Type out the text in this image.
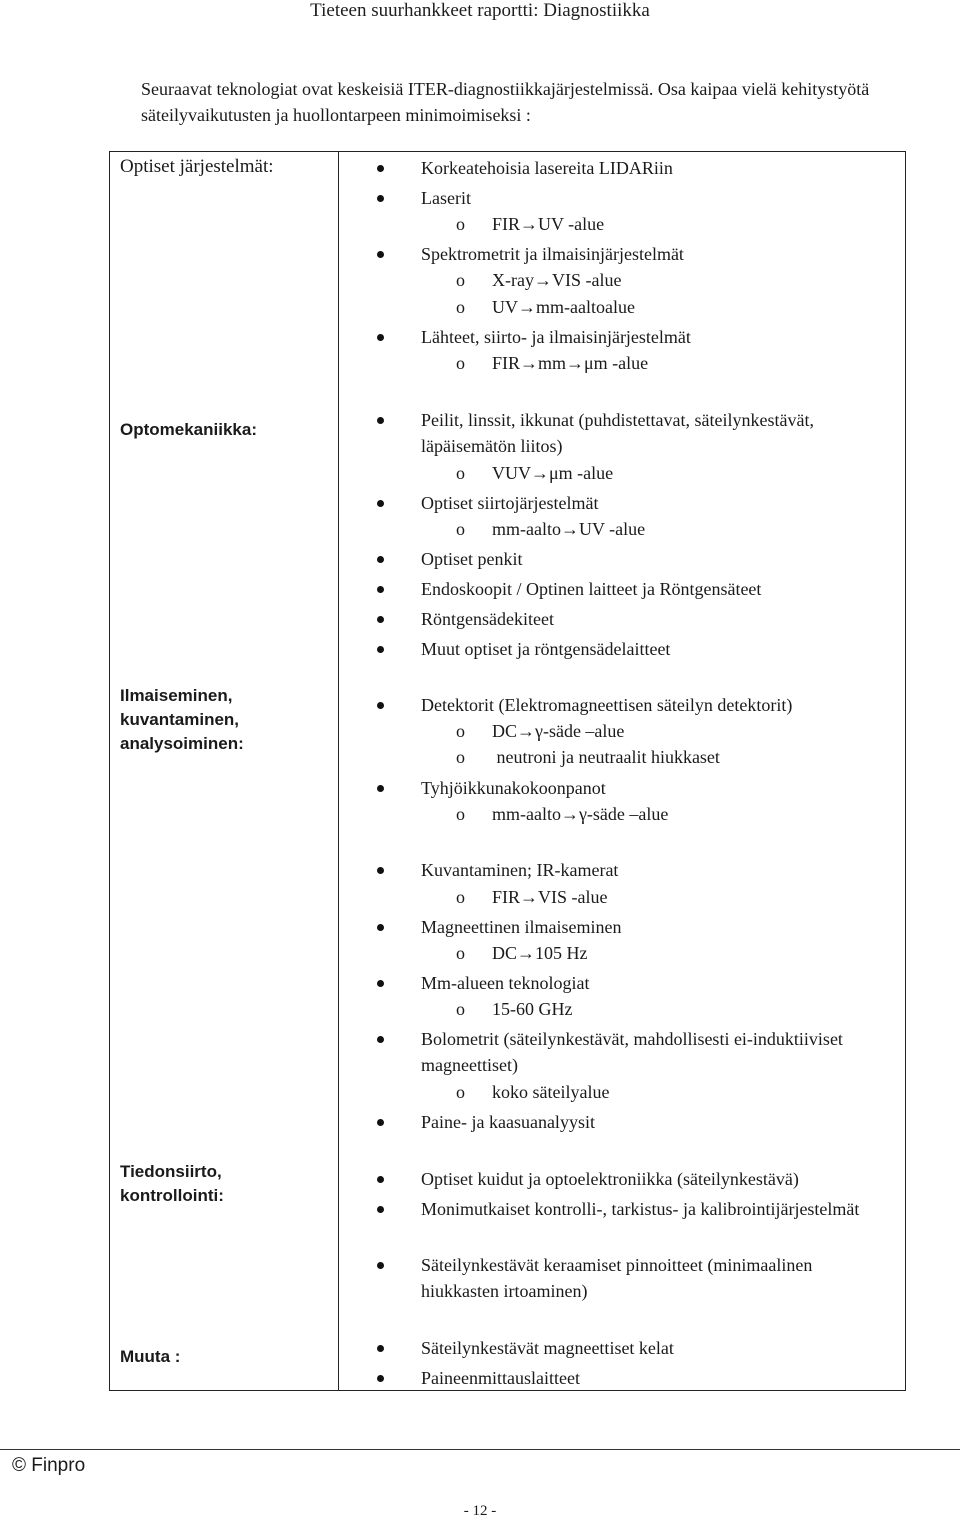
Tieteen suurhankkeet raportti: Diagnostiikka
Seuraavat teknologiat ovat keskeisiä ITER-diagnostiikkajärjestelmissä. Osa kaipaa vielä kehitystyötä säteilyvaikutusten ja huollontarpeen minimoimiseksi :
Optiset järjestelmät:
Optomekaniikka:
Ilmaiseminen,
kuvantaminen,
analysoiminen:
Tiedonsiirto,
kontrollointi:
Muuta :
Korkeatehoisia lasereita LIDARiin
Laserit
o FIR→UV -alue
Spektrometrit ja ilmaisinjärjestelmät
o X-ray→VIS -alue
o UV→mm-aaltoalue
Lähteet, siirto- ja ilmaisinjärjestelmät
o FIR→mm→μm -alue
Peilit, linssit, ikkunat (puhdistettavat, säteilynkestävät, läpäisemätön liitos)
o VUV→μm -alue
Optiset siirtojärjestelmät
o mm-aalto→UV -alue
Optiset penkit
Endoskoopit / Optinen laitteet ja Röntgensäteet
Röntgensädekiteet
Muut optiset ja röntgensädelaitteet
Detektorit (Elektromagneettisen säteilyn detektorit)
o DC→γ-säde –alue
o neutroni ja neutraalit hiukkaset
Tyhjöikkunakokoonpanot
o mm-aalto→γ-säde –alue
Kuvantaminen; IR-kamerat
o FIR→VIS -alue
Magneettinen ilmaiseminen
o DC→105 Hz
Mm-alueen teknologiat
o 15-60 GHz
Bolometrit (säteilynkestävät, mahdollisesti ei-induktiiviset magneettiset)
o koko säteilyalue
Paine- ja kaasuanalyysit
Optiset kuidut ja optoelektroniikka (säteilynkestävä)
Monimutkaiset kontrolli-, tarkistus- ja kalibrointijärjestelmät
Säteilynkestävät keraamiset pinnoitteet (minimaalinen hiukkasten irtoaminen)
Säteilynkestävät magneettiset kelat
Paineenmittauslaitteet
© Finpro
- 12 -
